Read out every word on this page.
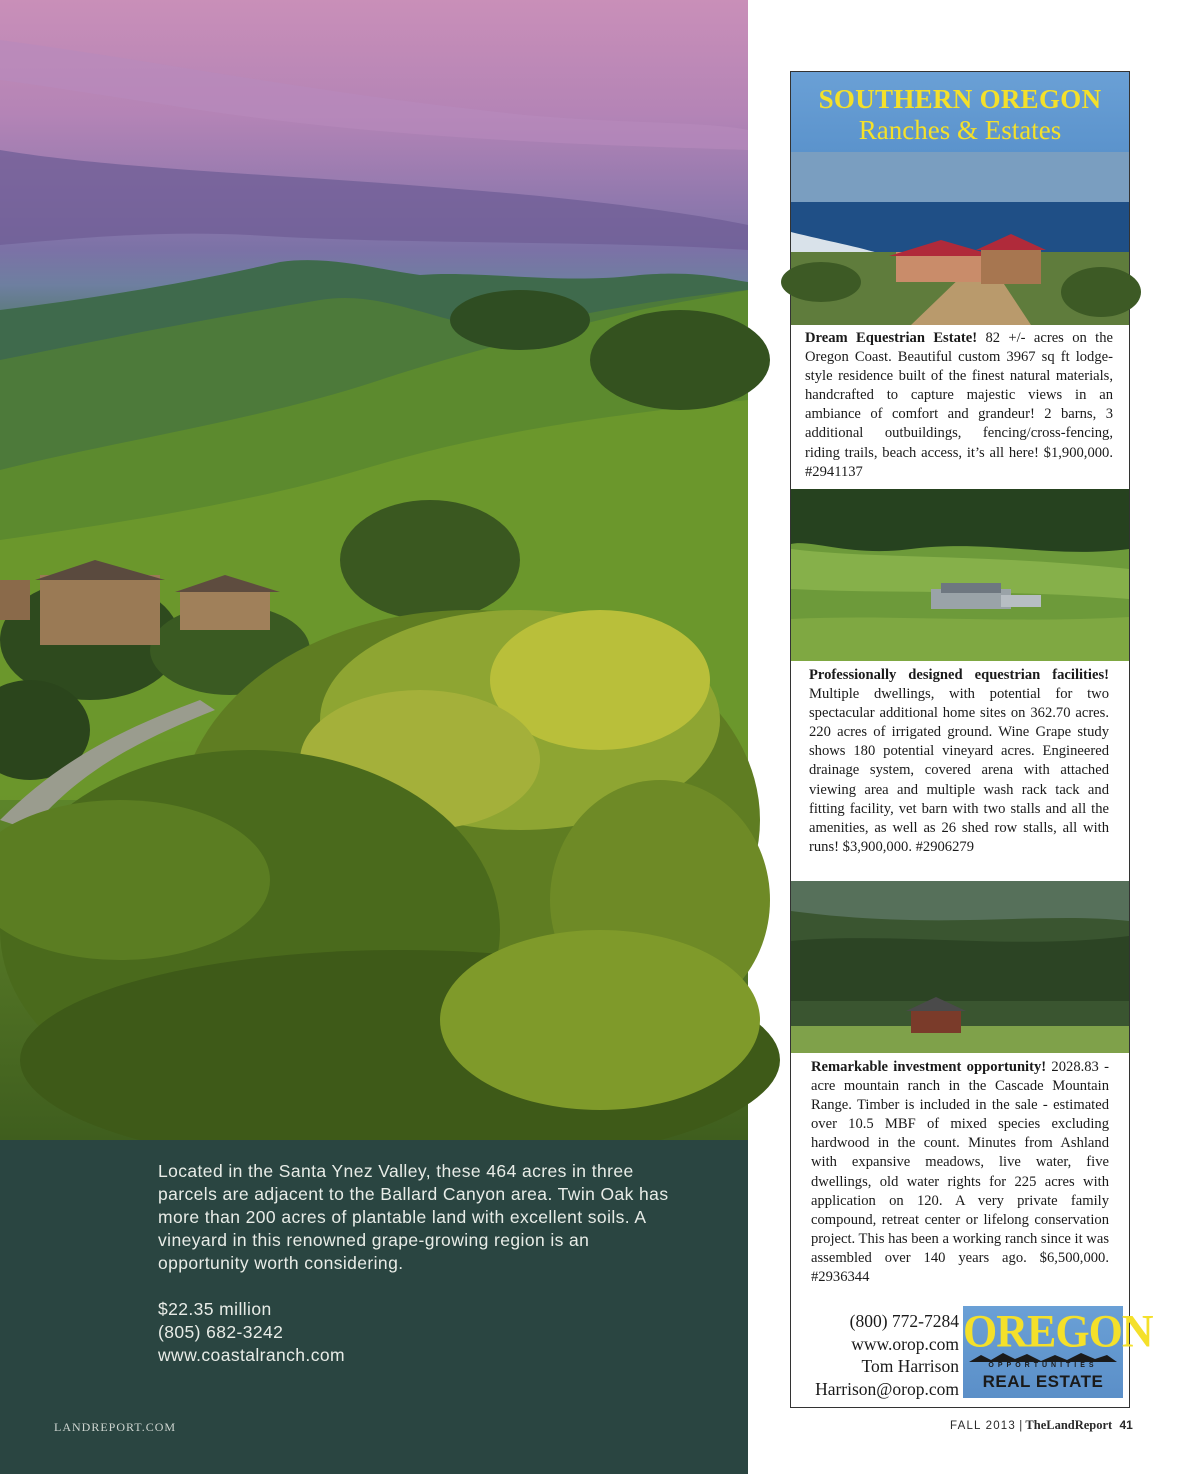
Located in the Santa Ynez Valley, these 464 acres in three parcels are adjacent to the Ballard Canyon area. Twin Oak has more than 200 acres of plantable land with excellent soils. A vineyard in this renowned grape-growing region is an opportunity worth considering.

$22.35 million
(805) 682-3242
www.coastalranch.com
LANDREPORT.COM
SOUTHERN OREGON
Ranches & Estates
Dream Equestrian Estate! 82 +/- acres on the Oregon Coast. Beautiful custom 3967 sq ft lodge-style residence built of the finest natural materials, handcrafted to capture majestic views in an ambiance of comfort and grandeur! 2 barns, 3 additional outbuildings, fencing/cross-fencing, riding trails, beach access, it’s all here! $1,900,000. #2941137
Professionally designed equestrian facilities! Multiple dwellings, with potential for two spectacular additional home sites on 362.70 acres. 220 acres of irrigated ground. Wine Grape study shows 180 potential vineyard acres. Engineered drainage system, covered arena with attached viewing area and multiple wash rack tack and fitting facility, vet barn with two stalls and all the amenities, as well as 26 shed row stalls, all with runs! $3,900,000. #2906279
Remarkable investment opportunity! 2028.83 -acre mountain ranch in the Cascade Mountain Range. Timber is included in the sale - estimated over 10.5 MBF of mixed species excluding hardwood in the count. Minutes from Ashland with expansive meadows, live water, five dwellings, old water rights for 225 acres with application on 120. A very private family compound, retreat center or lifelong conservation project. This has been a working ranch since it was assembled over 140 years ago. $6,500,000. #2936344
(800) 772-7284
www.orop.com
Tom Harrison
Harrison@orop.com
OREGON
OPPORTUNITIES
REAL ESTATE
FALL 2013 | TheLandReport 41
